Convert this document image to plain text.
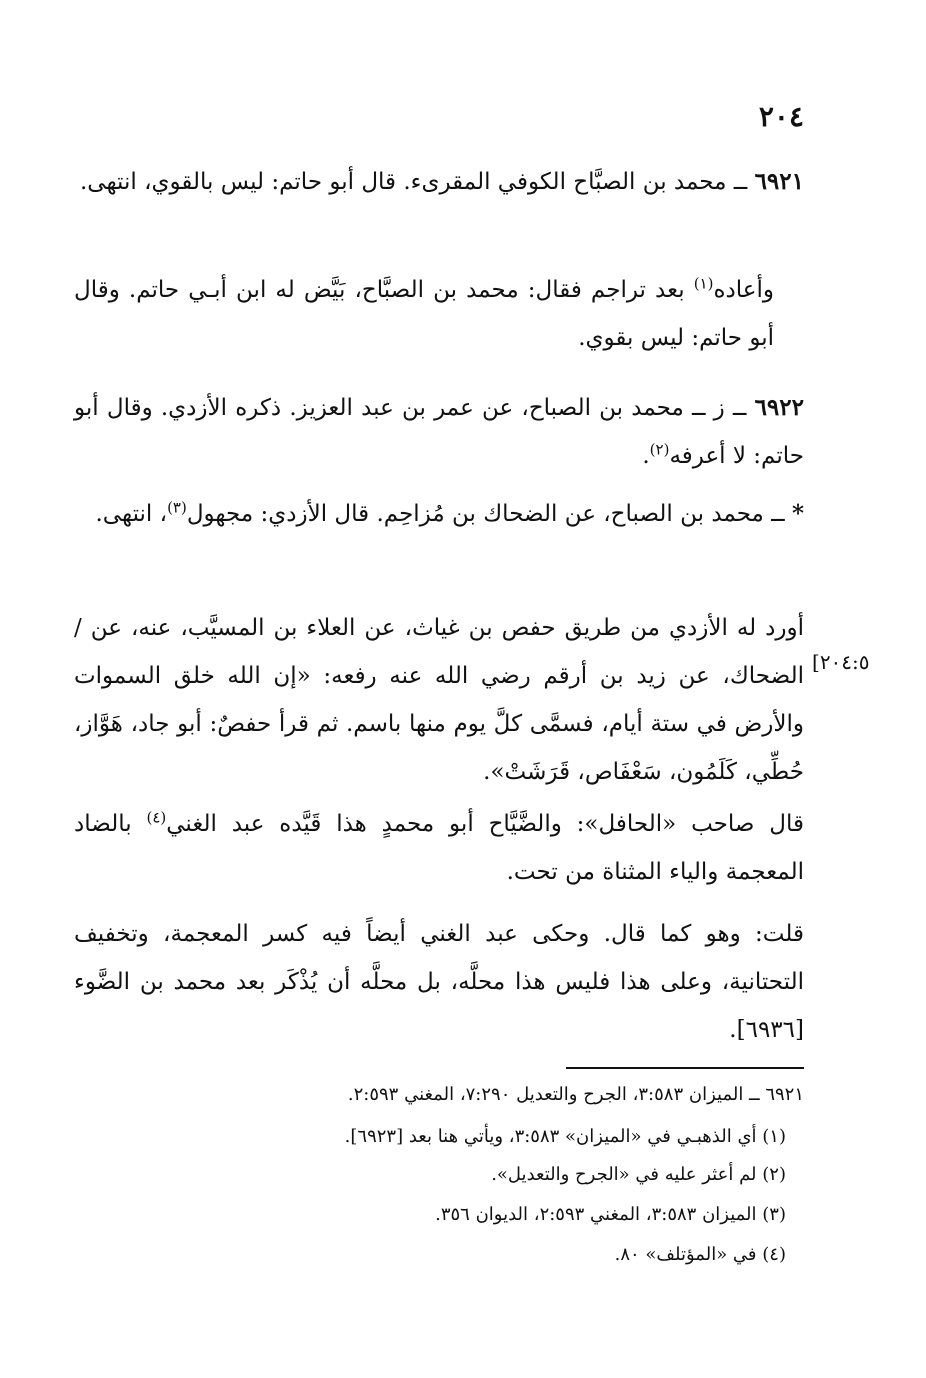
٢٠٤
٦٩٢١ ــ محمد بن الصبَّاح الكوفي المقرىء. قال أبو حاتم: ليس بالقوي، انتهى.
وأعاده$^{(١)}$ بعد تراجم فقال: محمد بن الصبَّاح، بَيَّض له ابن أبـي حاتم. وقال أبو حاتم: ليس بقوي.
٦٩٢٢ ــ ز ــ محمد بن الصباح، عن عمر بن عبد العزيز. ذكره الأزدي. وقال أبو حاتم: لا أعرفه$^{(٢)}$.
* ــ محمد بن الصباح، عن الضحاك بن مُزاحِم. قال الأزدي: مجهول$^{(٣)}$، انتهى.
أورد له الأزدي من طريق حفص بن غياث، عن العلاء بن المسيَّب، عنه، عن / الضحاك، عن زيد بن أرقم رضي الله عنه رفعه: «إن الله خلق السموات والأرض في ستة أيام، فسمَّى كلَّ يوم منها باسم. ثم قرأ حفصٌ: أبو جاد، هَوَّاز، حُطِّي، كَلَمُون، سَعْفَاص، قَرَشَتْ».
[٢٠٤:٥
قال صاحب «الحافل»: والضَّيَّاح أبو محمدٍ هذا قَيَّده عبد الغني$^{(٤)}$ بالضاد المعجمة والياء المثناة من تحت.
قلت: وهو كما قال. وحكى عبد الغني أيضاً فيه كسر المعجمة، وتخفيف التحتانية، وعلى هذا فليس هذا محلَّه، بل محلَّه أن يُذْكَر بعد محمد بن الضَّوء [٦٩٣٦].
٦٩٢١ ــ الميزان ٣:٥٨٣، الجرح والتعديل ٧:٢٩٠، المغني ٢:٥٩٣.
(١) أي الذهبـي في «الميزان» ٣:٥٨٣، ويأتي هنا بعد [٦٩٢٣].
(٢) لم أعثر عليه في «الجرح والتعديل».
(٣) الميزان ٣:٥٨٣، المغني ٢:٥٩٣، الديوان ٣٥٦.
(٤) في «المؤتلف» ٨٠.
